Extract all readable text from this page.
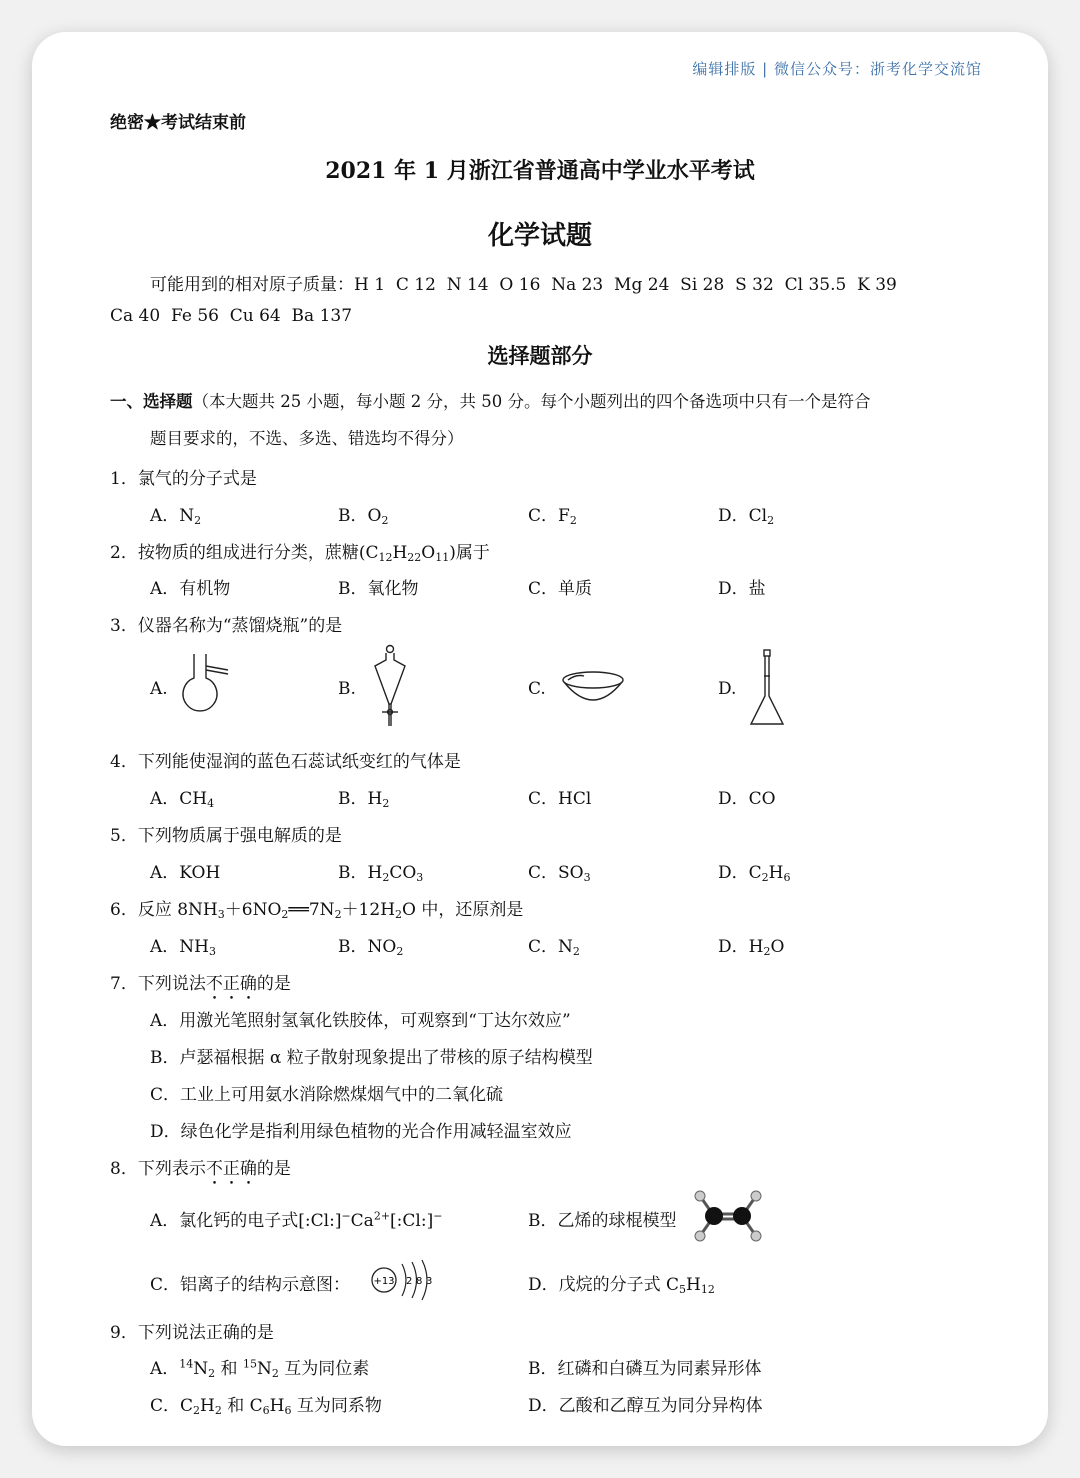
编辑排版 | 微信公众号：浙考化学交流馆
绝密★考试结束前
2021 年 1 月浙江省普通高中学业水平考试
化学试题
可能用到的相对原子质量：H 1  C 12  N 14  O 16  Na 23  Mg 24  Si 28  S 32  Cl 35.5  K 39
Ca 40  Fe 56  Cu 64  Ba 137
选择题部分
一、选择题（本大题共 25 小题，每小题 2 分，共 50 分。每个小题列出的四个备选项中只有一个是符合
题目要求的，不选、多选、错选均不得分）
1．氯气的分子式是
A．$N_2$	B．$O_2$	C．$F_2$	D．$Cl_2$
2．按物质的组成进行分类，蔗糖$(C_{12}H_{22}O_{11})$属于
A．有机物	B．氧化物	C．单质	D．盐
3．仪器名称为“蒸馏烧瓶”的是
A.	B.	C.	D.
4．下列能使湿润的蓝色石蕊试纸变红的气体是
A．$CH_4$	B．$H_2$	C．HCl	D．CO
5．下列物质属于强电解质的是
A．KOH	B．$H_2CO_3$	C．$SO_3$	D．$C_2H_6$
6．反应 $8NH_3+6NO_2══7N_2+12H_2O$ 中，还原剂是
A．$NH_3$	B．$NO_2$	C．$N_2$	D．$H_2O$
7．下列说法不正确的是
A．用激光笔照射氢氧化铁胶体，可观察到“丁达尔效应”
B．卢瑟福根据 α 粒子散射现象提出了带核的原子结构模型
C．工业上可用氨水消除燃煤烟气中的二氧化硫
D．绿色化学是指利用绿色植物的光合作用减轻温室效应
8．下列表示不正确的是
A．氯化钙的电子式$[:Cl:]^-Ca^{2+}[:Cl:]^-$	B．乙烯的球棍模型
C．铝离子的结构示意图： +13 2 8 3	D．戊烷的分子式 $C_5H_{12}$
9．下列说法正确的是
A．$^{14}N_2$ 和 $^{15}N_2$ 互为同位素	B．红磷和白磷互为同素异形体
C．$C_2H_2$ 和 $C_6H_6$ 互为同系物	D．乙酸和乙醇互为同分异构体
